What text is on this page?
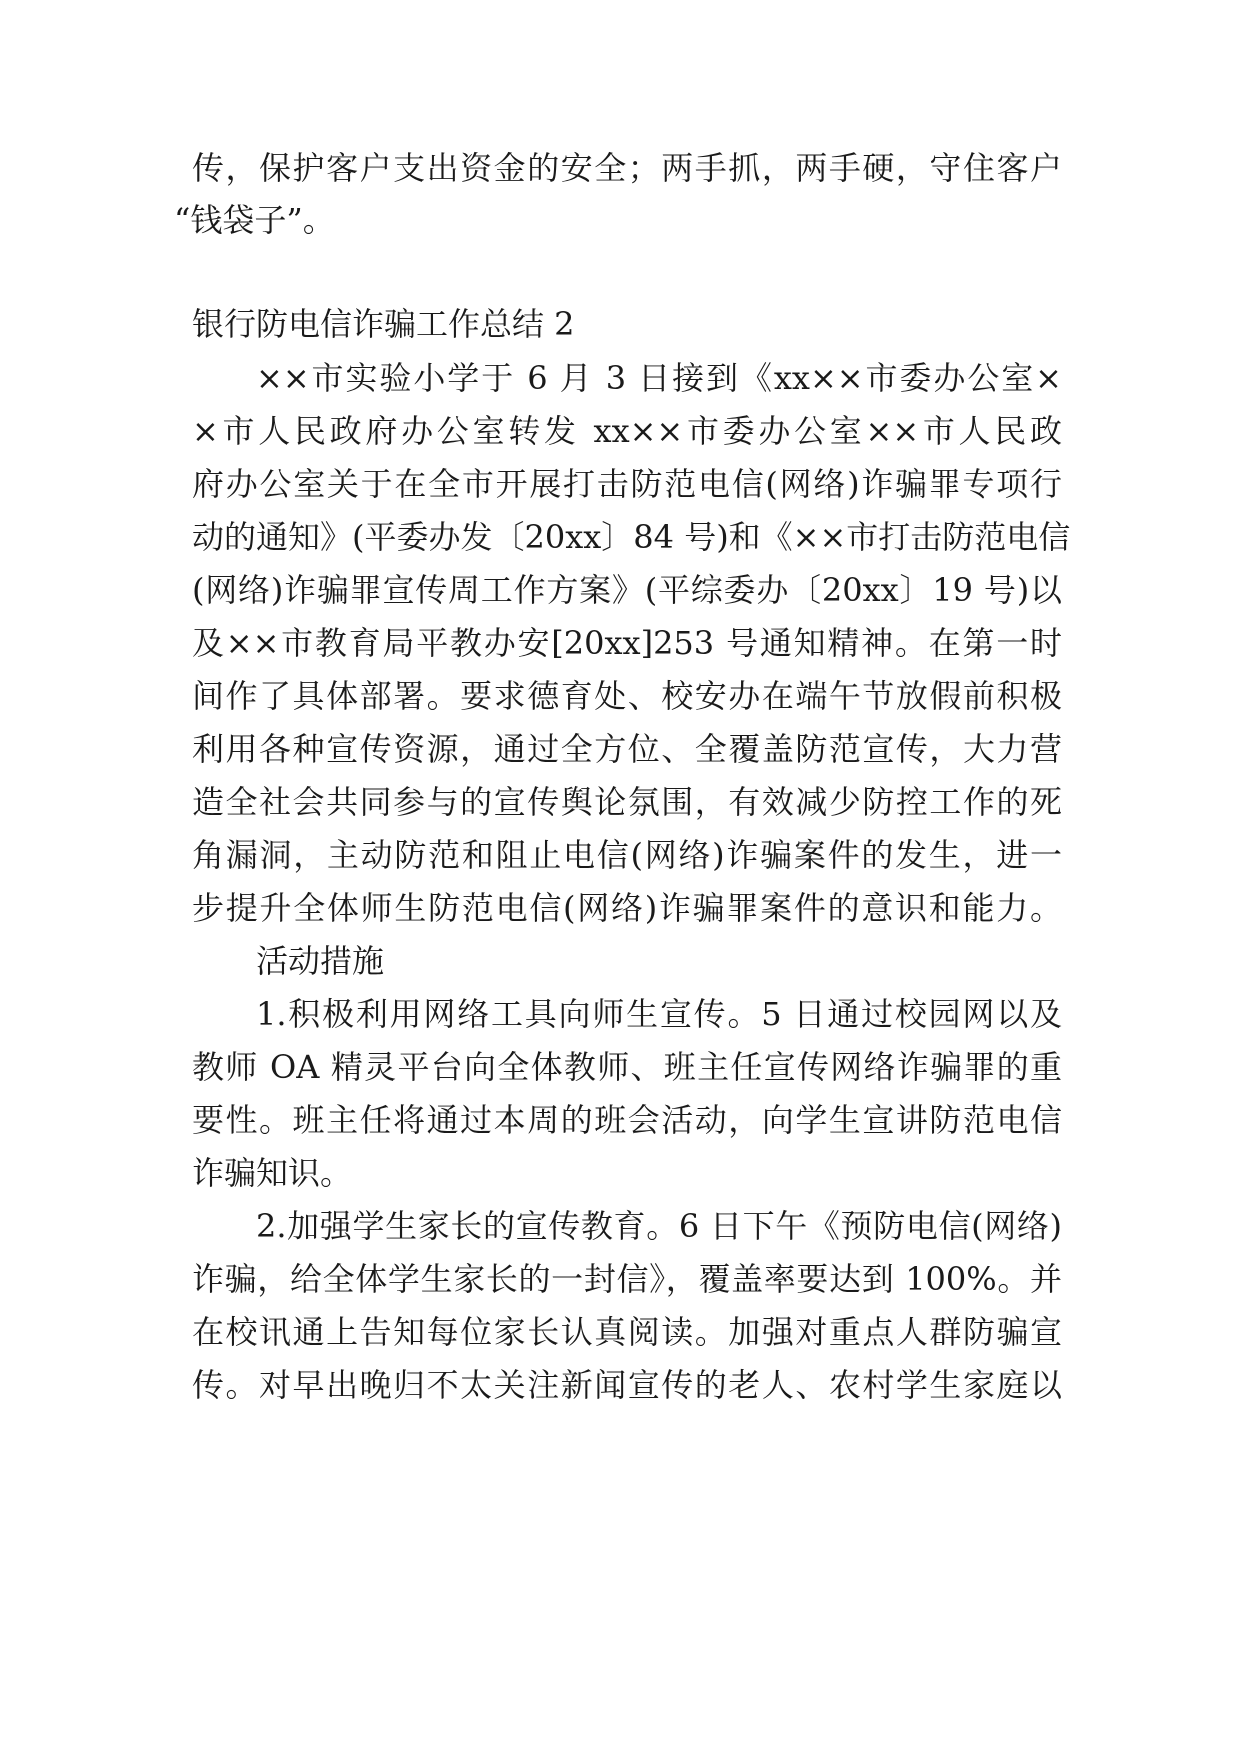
传，保护客户支出资金的安全；两手抓，两手硬，守住客户
“钱袋子”。
银行防电信诈骗工作总结 2
××市实验小学于 6 月 3 日接到《xx××市委办公室×
×市人民政府办公室转发 xx××市委办公室××市人民政
府办公室关于在全市开展打击防范电信(网络)诈骗罪专项行
动的通知》(平委办发〔20xx〕84 号)和《××市打击防范电信
(网络)诈骗罪宣传周工作方案》(平综委办〔20xx〕19 号)以
及××市教育局平教办安[20xx]253 号通知精神。在第一时
间作了具体部署。要求德育处、校安办在端午节放假前积极
利用各种宣传资源，通过全方位、全覆盖防范宣传，大力营
造全社会共同参与的宣传舆论氛围，有效减少防控工作的死
角漏洞，主动防范和阻止电信(网络)诈骗案件的发生，进一
步提升全体师生防范电信(网络)诈骗罪案件的意识和能力。
活动措施
1.积极利用网络工具向师生宣传。5 日通过校园网以及
教师 OA 精灵平台向全体教师、班主任宣传网络诈骗罪的重
要性。班主任将通过本周的班会活动，向学生宣讲防范电信
诈骗知识。
2.加强学生家长的宣传教育。6 日下午《预防电信(网络)
诈骗，给全体学生家长的一封信》，覆盖率要达到 100%。并
在校讯通上告知每位家长认真阅读。加强对重点人群防骗宣
传。对早出晚归不太关注新闻宣传的老人、农村学生家庭以
